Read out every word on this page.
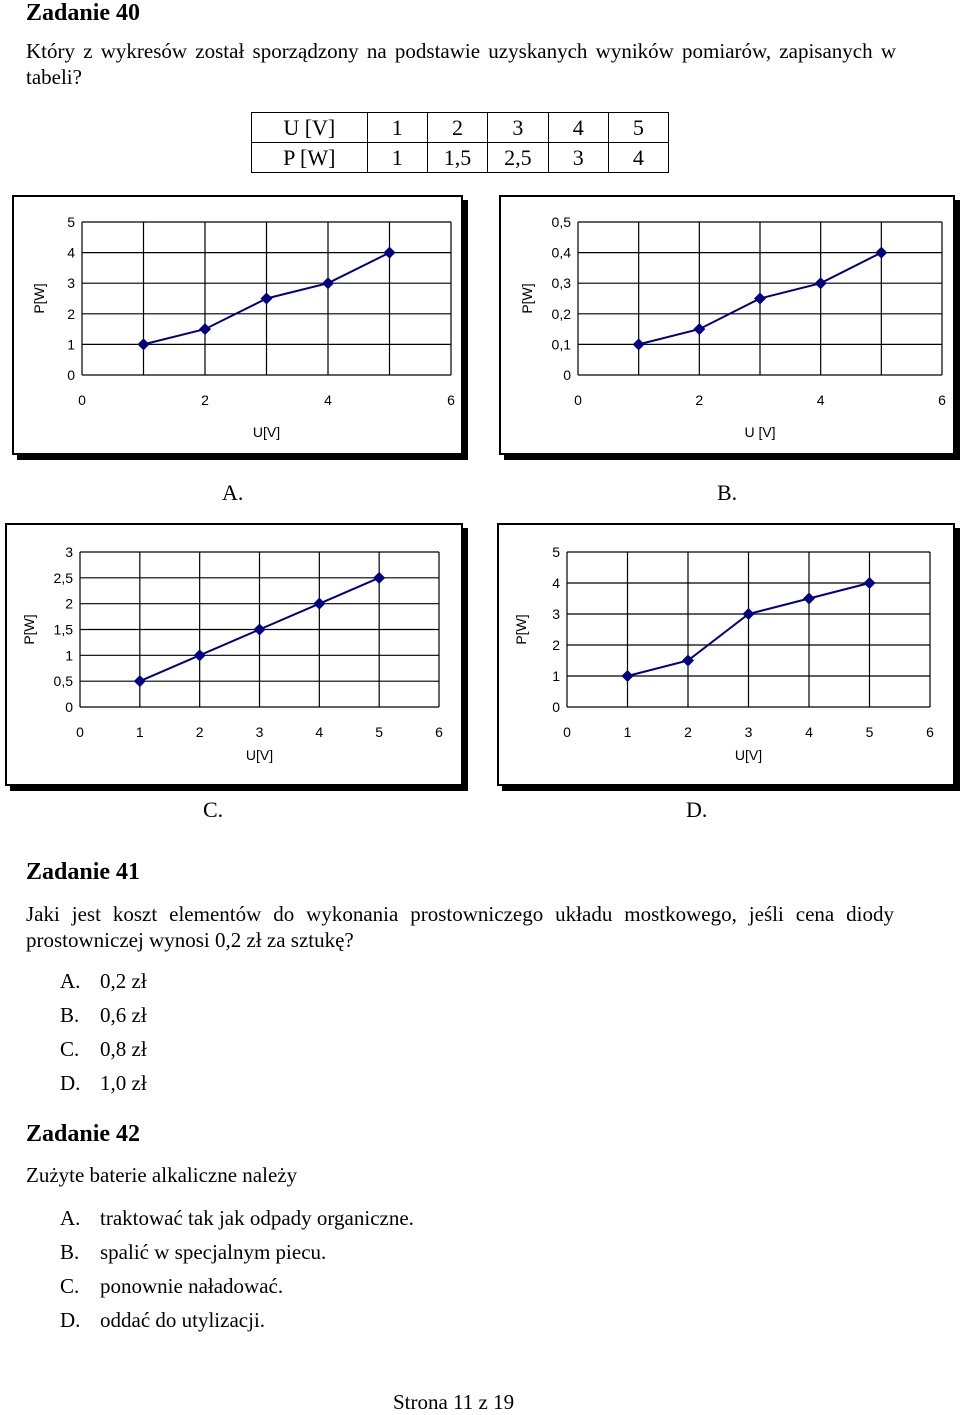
Zadanie 40
Który z wykresów został sporządzony na podstawie uzyskanych wyników pomiarów, zapisanych w tabeli?
U [V]	1	2	3	4	5
P [W]	1	1,5	2,5	3	4
0
1
2
3
4
5
0	2	4	6
U[V]
P[W]
0
0,1
0,2
0,3
0,4
0,5
0	2	4	6
U [V]
P[W]
0
0,5
1
1,5
2
2,5
3
0	1	2	3	4	5	6
U[V]
P[W]
0
1
2
3
4
5
0	1	2	3	4	5	6
U[V]
P[W]
A.	B.
C.	D.
Zadanie 41
Jaki jest koszt elementów do wykonania prostowniczego układu mostkowego, jeśli cena diody prostowniczej wynosi 0,2 zł za sztukę?
A. 0,2 zł
B. 0,6 zł
C. 0,8 zł
D. 1,0 zł
Zadanie 42
Zużyte baterie alkaliczne należy
A. traktować tak jak odpady organiczne.
B. spalić w specjalnym piecu.
C. ponownie naładować.
D. oddać do utylizacji.
Strona 11 z 19
